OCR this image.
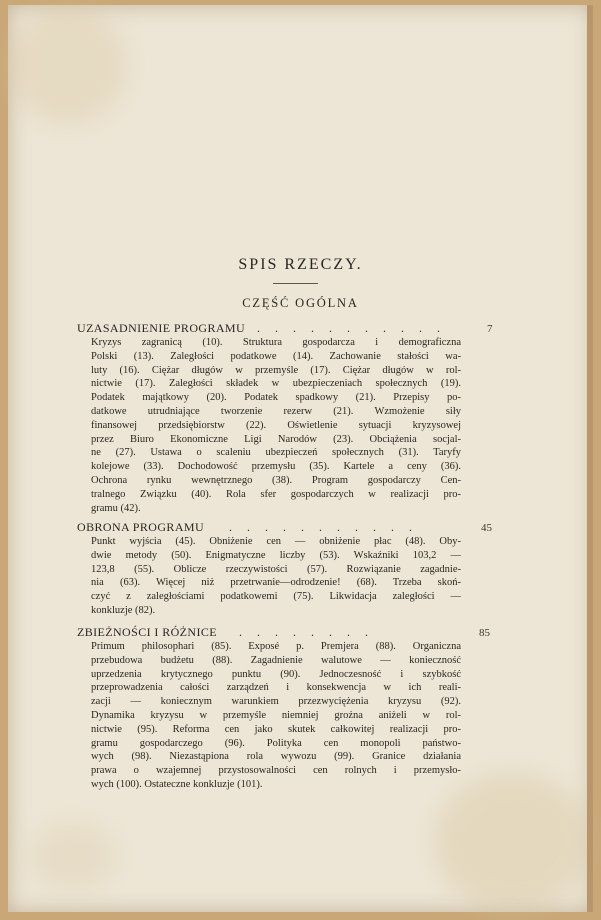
SPIS RZECZY.
CZĘŚĆ OGÓLNA
UZASADNIENIE PROGRAMU . . . . . . . . . . .	7
Kryzys zagranicą (10). Struktura gospodarcza i demograficzna
Polski (13). Zaległości podatkowe (14). Zachowanie stałości wa-
luty (16). Ciężar długów w przemyśle (17). Ciężar długów w rol-
nictwie (17). Zaległości składek w ubezpieczeniach społecznych (19).
Podatek majątkowy (20). Podatek spadkowy (21). Przepisy po-
datkowe utrudniające tworzenie rezerw (21). Wzmożenie siły
finansowej przedsiębiorstw (22). Oświetlenie sytuacji kryzysowej
przez Biuro Ekonomiczne Ligi Narodów (23). Obciążenia socjal-
ne (27). Ustawa o scaleniu ubezpieczeń społecznych (31). Taryfy
kolejowe (33). Dochodowość przemysłu (35). Kartele a ceny (36).
Ochrona rynku wewnętrznego (38). Program gospodarczy Cen-
tralnego Związku (40). Rola sfer gospodarczych w realizacji pro-
gramu (42).
OBRONA PROGRAMU . . . . . . . . . . .	45
Punkt wyjścia (45). Obniżenie cen — obniżenie płac (48). Oby-
dwie metody (50). Enigmatyczne liczby (53). Wskaźniki 103,2 —
123,8 (55). Oblicze rzeczywistości (57). Rozwiązanie zagadnie-
nia (63). Więcej niż przetrwanie—odrodzenie! (68). Trzeba skoń-
czyć z zaległościami podatkowemi (75). Likwidacja zaległości —
konkluzje (82).
ZBIEŻNOŚCI I RÓŻNICE . . . . . . . .	85
Primum philosophari (85). Exposé p. Premjera (88). Organiczna
przebudowa budżetu (88). Zagadnienie walutowe — konieczność
uprzedzenia krytycznego punktu (90). Jednoczesność i szybkość
przeprowadzenia całości zarządzeń i konsekwencja w ich reali-
zacji — koniecznym warunkiem przezwyciężenia kryzysu (92).
Dynamika kryzysu w przemyśle niemniej groźna aniżeli w rol-
nictwie (95). Reforma cen jako skutek całkowitej realizacji pro-
gramu gospodarczego (96). Polityka cen monopoli państwo-
wych (98). Niezastąpiona rola wywozu (99). Granice działania
prawa o wzajemnej przystosowalności cen rolnych i przemysło-
wych (100). Ostateczne konkluzje (101).
